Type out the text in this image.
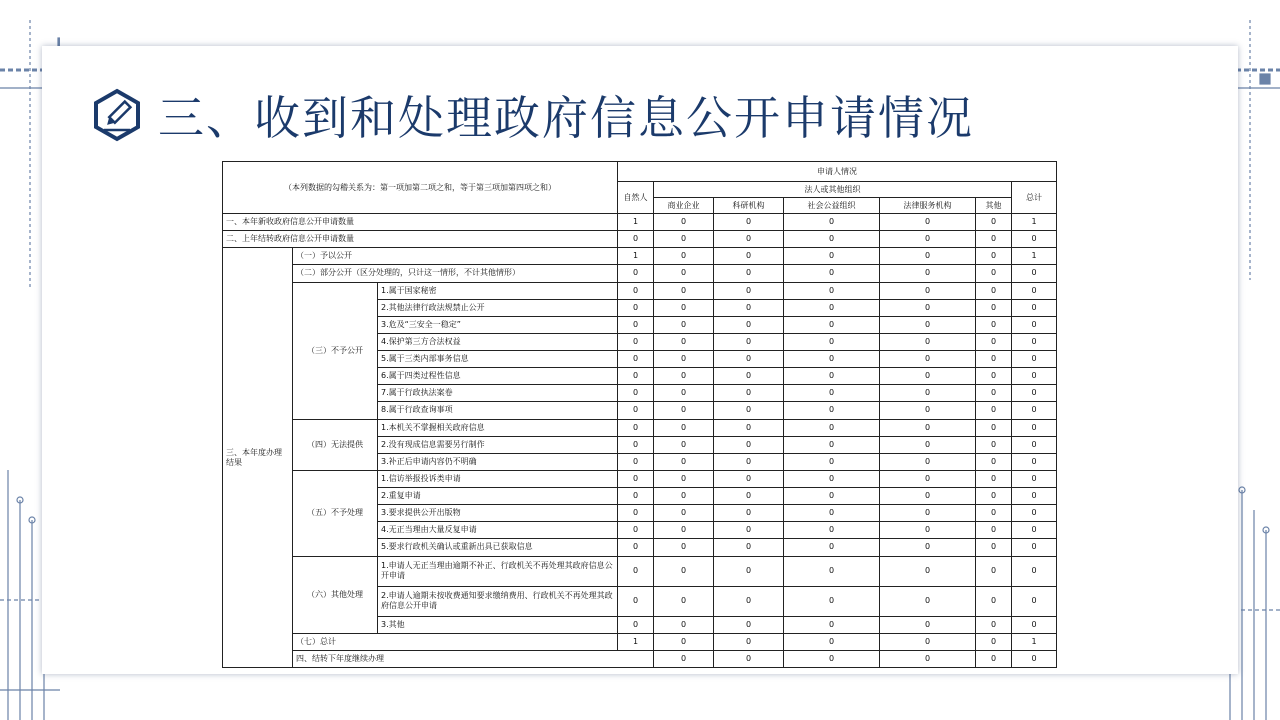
三、收到和处理政府信息公开申请情况
（本列数据的勾稽关系为：第一项加第二项之和，等于第三项加第四项之和）			申请人情况							
			自然人	法人或其他组织					总计	
				商业企业	科研机构	社会公益组织	法律服务机构	其他		
一、本年新收政府信息公开申请数量			1	0	0	0	0	0	1	
二、上年结转政府信息公开申请数量			0	0	0	0	0	0	0	
三、本年度办理结果	（一）予以公开		1	0	0	0	0	0	1	
	（二）部分公开（区分处理的，只计这一情形，不计其他情形）		0	0	0	0	0	0	0	
	（三）不予公开	1.属于国家秘密	0	0	0	0	0	0	0	
		2.其他法律行政法规禁止公开	0	0	0	0	0	0	0	
		3.危及“三安全一稳定”	0	0	0	0	0	0	0	
		4.保护第三方合法权益	0	0	0	0	0	0	0	
		5.属于三类内部事务信息	0	0	0	0	0	0	0	
		6.属于四类过程性信息	0	0	0	0	0	0	0	
		7.属于行政执法案卷	0	0	0	0	0	0	0	
		8.属于行政查询事项	0	0	0	0	0	0	0	
	（四）无法提供	1.本机关不掌握相关政府信息	0	0	0	0	0	0	0	
		2.没有现成信息需要另行制作	0	0	0	0	0	0	0	
		3.补正后申请内容仍不明确	0	0	0	0	0	0	0	
	（五）不予处理	1.信访举报投诉类申请	0	0	0	0	0	0	0	
		2.重复申请	0	0	0	0	0	0	0	
		3.要求提供公开出版物	0	0	0	0	0	0	0	
		4.无正当理由大量反复申请	0	0	0	0	0	0	0	
		5.要求行政机关确认或重新出具已获取信息	0	0	0	0	0	0	0	
	（六）其他处理	1.申请人无正当理由逾期不补正、行政机关不再处理其政府信息公开申请	0	0	0	0	0	0	0	
		2.申请人逾期未按收费通知要求缴纳费用、行政机关不再处理其政府信息公开申请	0	0	0	0	0	0	0	
		3.其他	0	0	0	0	0	0	0	
	（七）总计		1	0	0	0	0	0	1	
	四、结转下年度继续办理			0	0	0	0	0	0	
